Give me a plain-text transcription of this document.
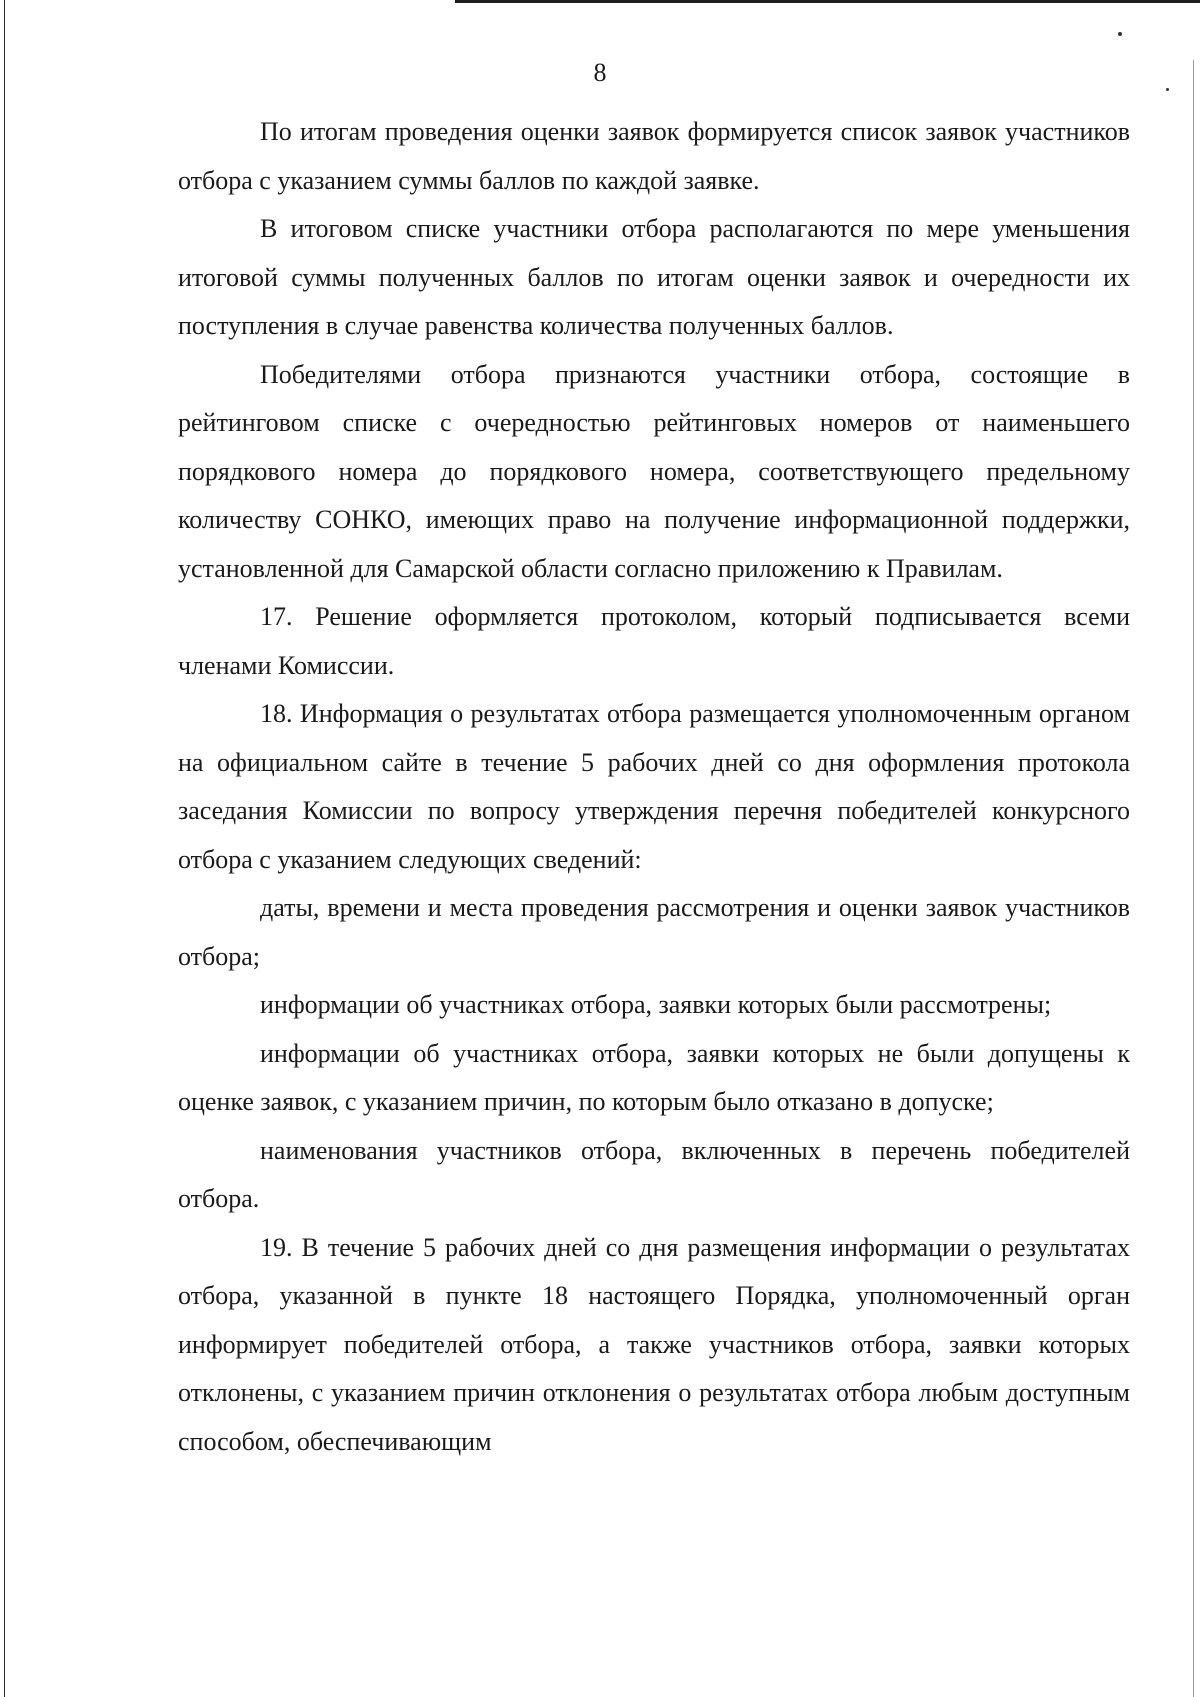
8

По итогам проведения оценки заявок формируется список заявок участников отбора с указанием суммы баллов по каждой заявке.

В итоговом списке участники отбора располагаются по мере уменьшения итоговой суммы полученных баллов по итогам оценки заявок и очередности их поступления в случае равенства количества полученных баллов.

Победителями отбора признаются участники отбора, состоящие в рейтинговом списке с очередностью рейтинговых номеров от наименьшего порядкового номера до порядкового номера, соответствующего предельному количеству СОНКО, имеющих право на получение информационной поддержки, установленной для Самарской области согласно приложению к Правилам.

17. Решение оформляется протоколом, который подписывается всеми членами Комиссии.

18. Информация о результатах отбора размещается уполномоченным органом на официальном сайте в течение 5 рабочих дней со дня оформления протокола заседания Комиссии по вопросу утверждения перечня победителей конкурсного отбора с указанием следующих сведений:

даты, времени и места проведения рассмотрения и оценки заявок участников отбора;

информации об участниках отбора, заявки которых были рассмотрены;

информации об участниках отбора, заявки которых не были допущены к оценке заявок, с указанием причин, по которым было отказано в допуске;

наименования участников отбора, включенных в перечень победителей отбора.

19. В течение 5 рабочих дней со дня размещения информации о результатах отбора, указанной в пункте 18 настоящего Порядка, уполномоченный орган информирует победителей отбора, а также участников отбора, заявки которых отклонены, с указанием причин отклонения о результатах отбора любым доступным способом, обеспечивающим
